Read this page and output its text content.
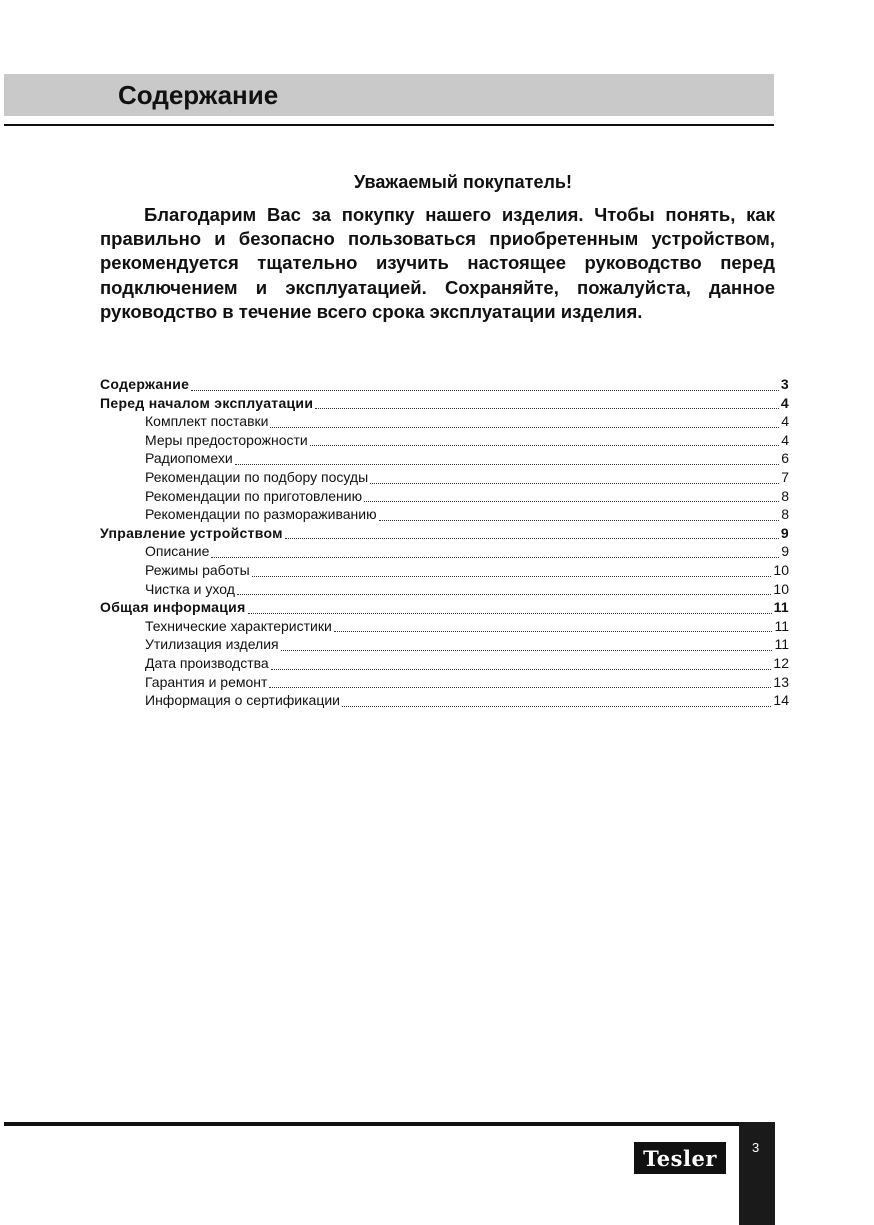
Содержание
Уважаемый покупатель!

Благодарим Вас за покупку нашего изделия. Чтобы понять, как правильно и безопасно пользоваться приобретенным устройством, рекомендуется тщательно изучить настоящее руководство перед подключением и эксплуатацией. Сохраняйте, пожалуйста, данное руководство в течение всего срока эксплуатации изделия.

Содержание	3
Перед началом эксплуатации	4
Комплект поставки	4
Меры предосторожности	4
Радиопомехи	6
Рекомендации по подбору посуды	7
Рекомендации по приготовлению	8
Рекомендации по размораживанию	8
Управление устройством	9
Описание	9
Режимы работы	10
Чистка и уход	10
Общая информация	11
Технические характеристики	11
Утилизация изделия	11
Дата производства	12
Гарантия и ремонт	13
Информация о сертификации	14
3
Tesler
